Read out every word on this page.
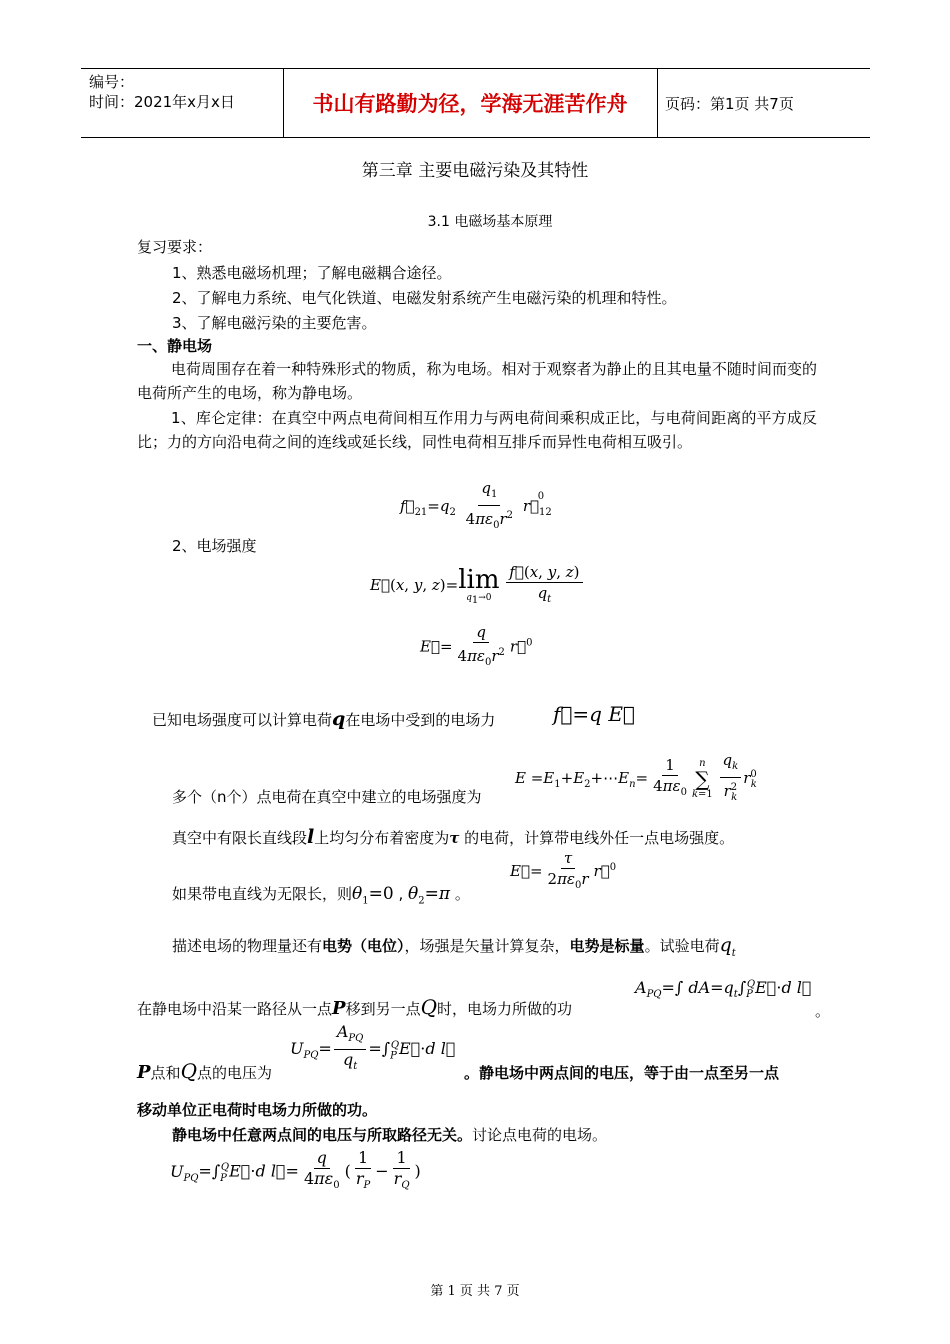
编号：
时间：2021年x月x日	书山有路勤为径，学海无涯苦作舟	页码：第1页 共7页
第三章 主要电磁污染及其特性
3.1 电磁场基本原理
复习要求：
1、熟悉电磁场机理；了解电磁耦合途径。
2、了解电力系统、电气化铁道、电磁发射系统产生电磁污染的机理和特性。
3、了解电磁污染的主要危害。
一、静电场
电荷周围存在着一种特殊形式的物质，称为电场。相对于观察者为静止的且其电量不随时间而变的电荷所产生的电场，称为静电场。
1、库仑定律：在真空中两点电荷间相互作用力与两电荷间乘积成正比，与电荷间距离的平方成反比；力的方向沿电荷之间的连线或延长线，同性电荷相互排斥而异性电荷相互吸引。
$f⃗_{21}=q_2 \frac{q_1}{4\pi\varepsilon_0r^2}$ $r⃗_{12}^0$
2、电场强度
E⃗(x, y, z)= lim
$q_1\to 0$
$\frac{f⃗(x, y, z)}{q_t}$
E⃗= $\frac{q}{4\pi\varepsilon_0r^2}$ r⃗$^0$
已知电场强度可以计算电荷q在电场中受到的电场力	f⃗=q E⃗
$E =E_1+E_2+\cdots E_n= \frac{1}{4\pi\varepsilon_0}$ n
∑
k=1
$\frac{q_k}{r^2_k} r^0_k$
多个（n个）点电荷在真空中建立的电场强度为
真空中有限长直线段l上均匀分布着密度为τ 的电荷，计算带电线外任一点电场强度。
E⃗= $\frac{\tau}{2\pi\varepsilon_0r}$ r⃗$^0$
如果带电直线为无限长，则$\theta_1=0$ , $\theta_2=\pi$ 。
描述电场的物理量还有电势（电位），场强是矢量计算复杂，电势是标量。试验电荷$q_t$
在静电场中沿某一路径从一点P移到另一点Q时，电场力所做的功
$A_{PQ}=\int$ $dA=q_t\int_P^QE⃗\cdot d$ l⃗
。
$U_{PQ}= \frac{A_{PQ}}{q_t}$ $=\int_P^QE⃗\cdot d$ l⃗
P点和Q点的电压为	。静电场中两点间的电压，等于由一点至另一点
移动单位正电荷时电场力所做的功。
静电场中任意两点间的电压与所取路径无关。讨论点电荷的电场。
$U_{PQ}=\int_P^QE⃗\cdot d$ l⃗= $\frac{q}{4\pi\varepsilon_0}$ ( $\frac{1}{r_P} - \frac{1}{r_Q}$ )
第 1 页 共 7 页
